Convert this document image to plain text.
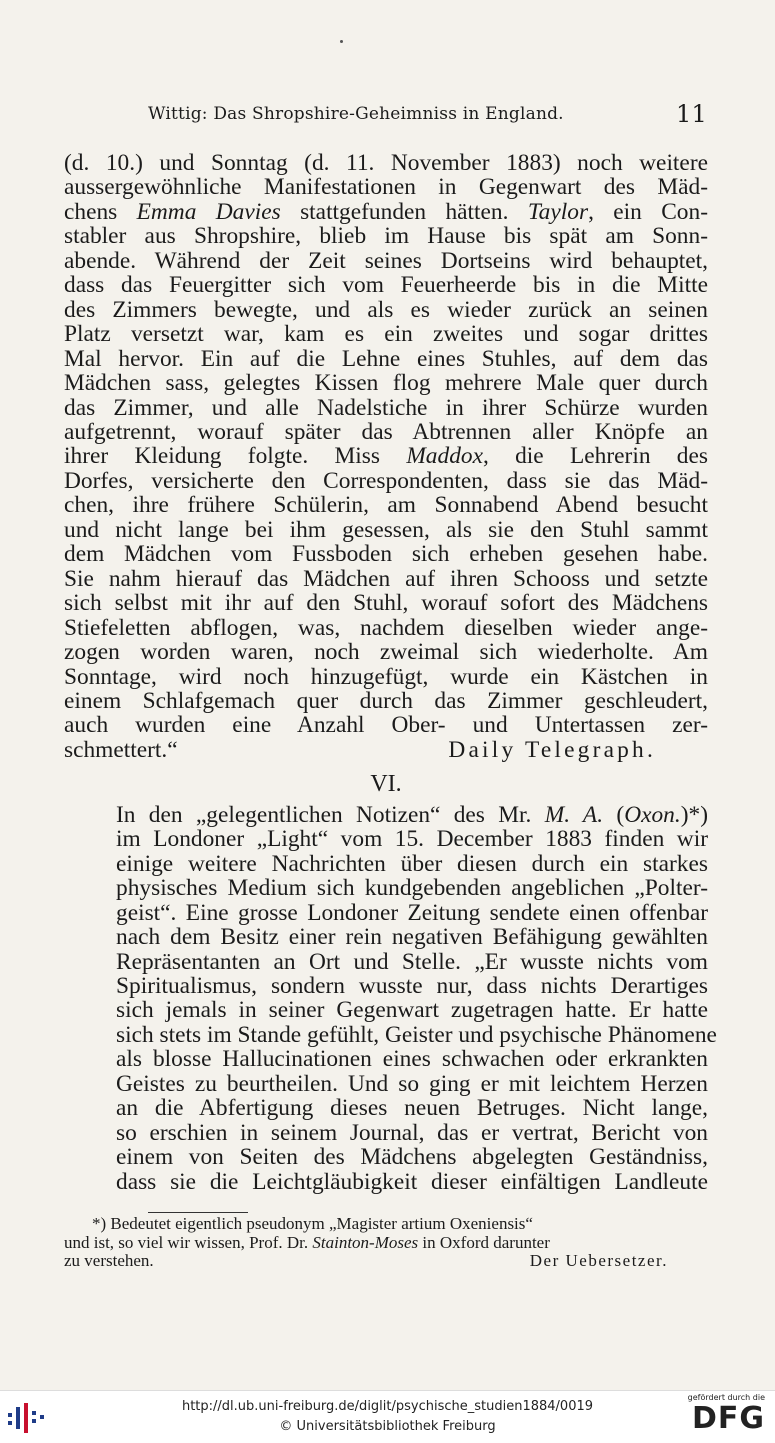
Wittig: Das Shropshire-Geheimniss in England.	11

(d. 10.) und Sonntag (d. 11. November 1883) noch weitere
aussergewöhnliche Manifestationen in Gegenwart des Mäd-
chens Emma Davies stattgefunden hätten. Taylor, ein Con-
stabler aus Shropshire, blieb im Hause bis spät am Sonn-
abende. Während der Zeit seines Dortseins wird behauptet,
dass das Feuergitter sich vom Feuerheerde bis in die Mitte
des Zimmers bewegte, und als es wieder zurück an seinen
Platz versetzt war, kam es ein zweites und sogar drittes
Mal hervor. Ein auf die Lehne eines Stuhles, auf dem das
Mädchen sass, gelegtes Kissen flog mehrere Male quer durch
das Zimmer, und alle Nadelstiche in ihrer Schürze wurden
aufgetrennt, worauf später das Abtrennen aller Knöpfe an
ihrer Kleidung folgte. Miss Maddox, die Lehrerin des
Dorfes, versicherte den Correspondenten, dass sie das Mäd-
chen, ihre frühere Schülerin, am Sonnabend Abend besucht
und nicht lange bei ihm gesessen, als sie den Stuhl sammt
dem Mädchen vom Fussboden sich erheben gesehen habe.
Sie nahm hierauf das Mädchen auf ihren Schooss und setzte
sich selbst mit ihr auf den Stuhl, worauf sofort des Mädchens
Stiefeletten abflogen, was, nachdem dieselben wieder ange-
zogen worden waren, noch zweimal sich wiederholte. Am
Sonntage, wird noch hinzugefügt, wurde ein Kästchen in
einem Schlafgemach quer durch das Zimmer geschleudert,
auch wurden eine Anzahl Ober- und Untertassen zer-

schmettert.“	Daily Telegraph.
VI.

In den „gelegentlichen Notizen“ des Mr. M. A. (Oxon.)*)
im Londoner „Light“ vom 15. December 1883 finden wir
einige weitere Nachrichten über diesen durch ein starkes
physisches Medium sich kundgebenden angeblichen „Polter-
geist“. Eine grosse Londoner Zeitung sendete einen offenbar
nach dem Besitz einer rein negativen Befähigung gewählten
Repräsentanten an Ort und Stelle. „Er wusste nichts vom
Spiritualismus, sondern wusste nur, dass nichts Derartiges
sich jemals in seiner Gegenwart zugetragen hatte. Er hatte
sich stets im Stande gefühlt, Geister und psychische Phänomene
als blosse Hallucinationen eines schwachen oder erkrankten
Geistes zu beurtheilen. Und so ging er mit leichtem Herzen
an die Abfertigung dieses neuen Betruges. Nicht lange,
so erschien in seinem Journal, das er vertrat, Bericht von
einem von Seiten des Mädchens abgelegten Geständniss,
dass sie die Leichtgläubigkeit dieser einfältigen Landleute

*) Bedeutet eigentlich pseudonym „Magister artium Oxeniensis“
und ist, so viel wir wissen, Prof. Dr. Stainton-Moses in Oxford darunter
zu verstehen.	Der Uebersetzer.
http://dl.ub.uni-freiburg.de/diglit/psychische_studien1884/0019
© Universitätsbibliothek Freiburg
gefördert durch die
DFG
